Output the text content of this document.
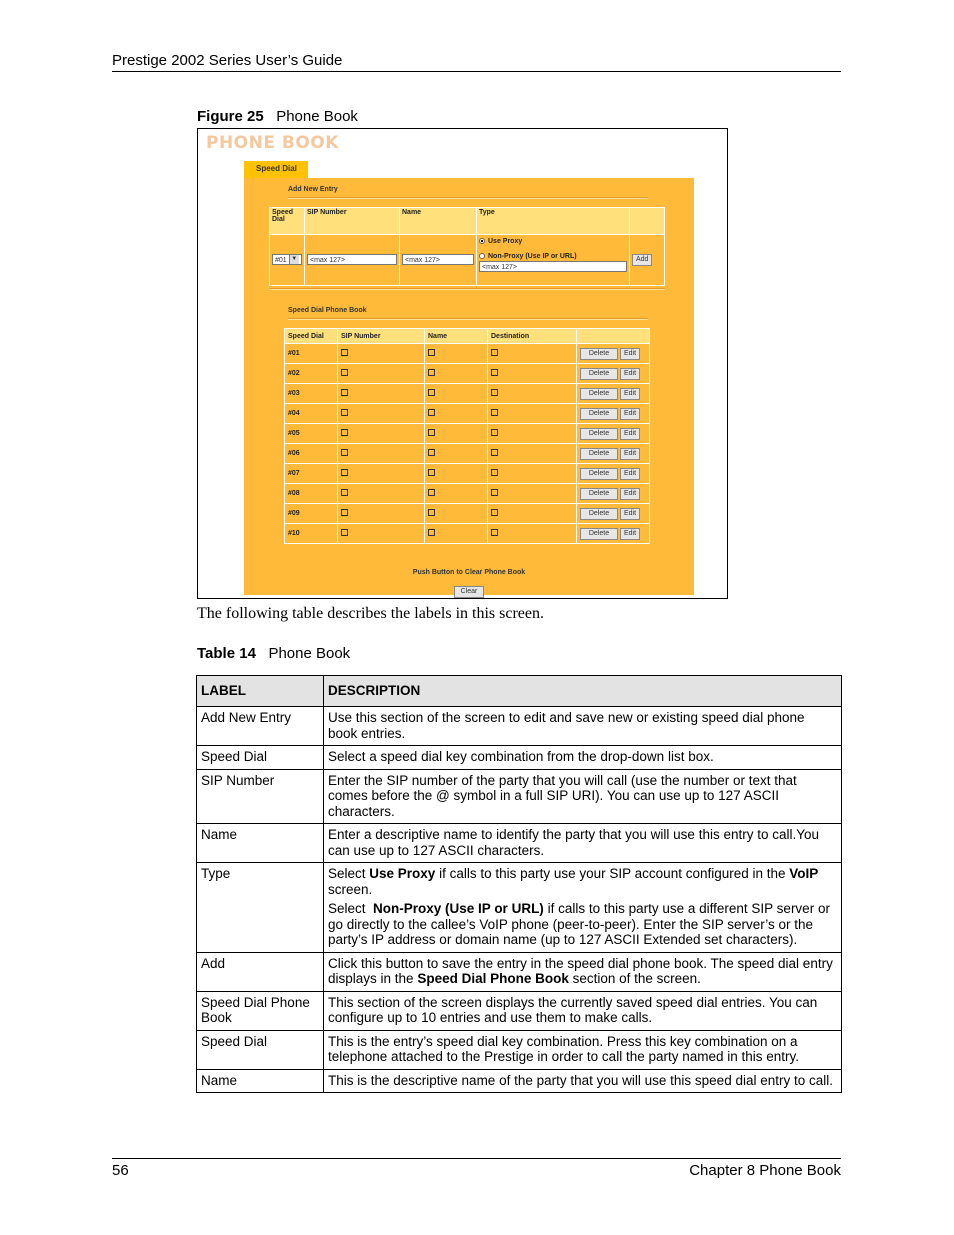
Prestige 2002 Series User’s Guide
Figure 25 Phone Book
PHONE BOOK
Speed Dial
Add New Entry
Speed Dial	SIP Number	Name	Type	
#01 ▼	<max 127>	<max 127>	Use Proxy
Non-Proxy (Use IP or URL)
<max 127>	Add
Speed Dial Phone Book
Speed Dial	SIP Number	Name	Destination	
#01				Delete Edit
#02				Delete Edit
#03				Delete Edit
#04				Delete Edit
#05				Delete Edit
#06				Delete Edit
#07				Delete Edit
#08				Delete Edit
#09				Delete Edit
#10				Delete Edit
Push Button to Clear Phone Book
Clear
The following table describes the labels in this screen.
Table 14 Phone Book
LABEL	DESCRIPTION
Add New Entry	Use this section of the screen to edit and save new or existing speed dial phone book entries.
Speed Dial	Select a speed dial key combination from the drop-down list box.
SIP Number	Enter the SIP number of the party that you will call (use the number or text that comes before the @ symbol in a full SIP URI). You can use up to 127 ASCII characters.
Name	Enter a descriptive name to identify the party that you will use this entry to call.You can use up to 127 ASCII characters.
Type	Select Use Proxy if calls to this party use your SIP account configured in the VoIP screen.
Select  Non-Proxy (Use IP or URL) if calls to this party use a different SIP server or go directly to the callee’s VoIP phone (peer-to-peer). Enter the SIP server’s or the party’s IP address or domain name (up to 127 ASCII Extended set characters).

Add	Click this button to save the entry in the speed dial phone book. The speed dial entry displays in the Speed Dial Phone Book section of the screen.
Speed Dial Phone Book	This section of the screen displays the currently saved speed dial entries. You can configure up to 10 entries and use them to make calls.
Speed Dial	This is the entry’s speed dial key combination. Press this key combination on a telephone attached to the Prestige in order to call the party named in this entry.
Name	This is the descriptive name of the party that you will use this speed dial entry to call.
56	Chapter 8 Phone Book
